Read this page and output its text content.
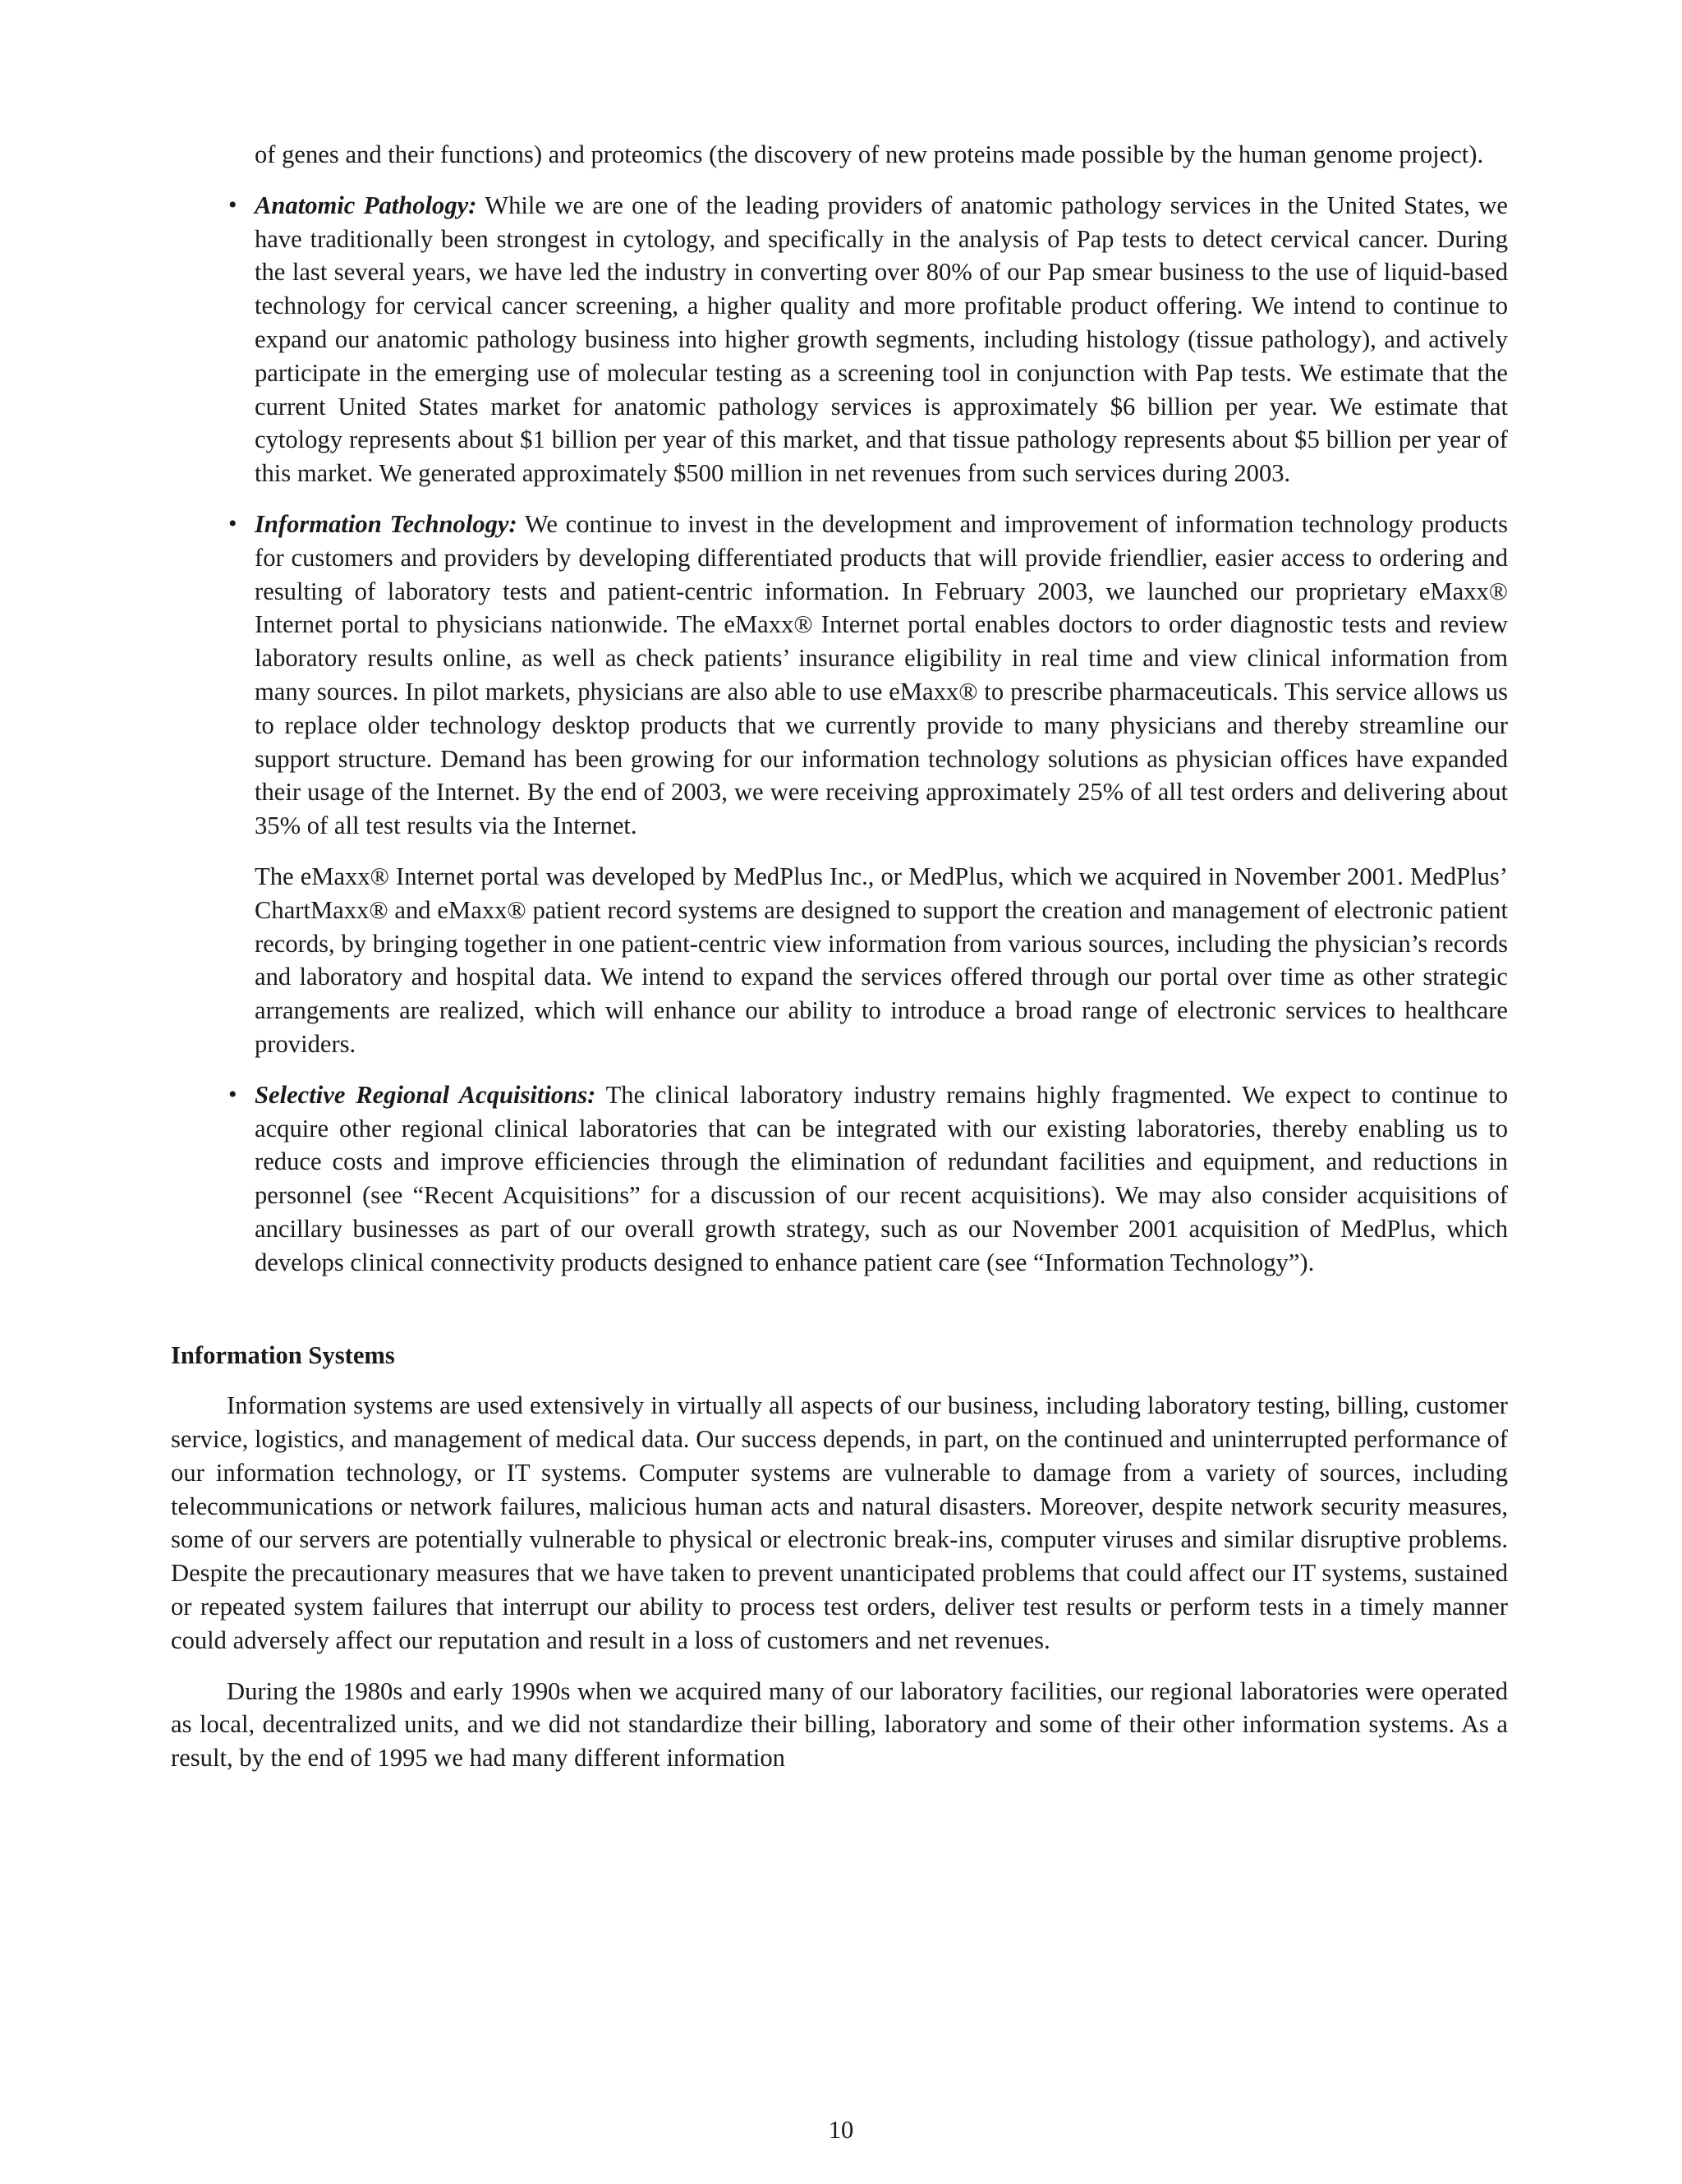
of genes and their functions) and proteomics (the discovery of new proteins made possible by the human genome project).

• Anatomic Pathology: While we are one of the leading providers of anatomic pathology services in the United States, we have traditionally been strongest in cytology, and specifically in the analysis of Pap tests to detect cervical cancer. During the last several years, we have led the industry in converting over 80% of our Pap smear business to the use of liquid-based technology for cervical cancer screening, a higher quality and more profitable product offering. We intend to continue to expand our anatomic pathology business into higher growth segments, including histology (tissue pathology), and actively participate in the emerging use of molecular testing as a screening tool in conjunction with Pap tests. We estimate that the current United States market for anatomic pathology services is approximately $6 billion per year. We estimate that cytology represents about $1 billion per year of this market, and that tissue pathology represents about $5 billion per year of this market. We generated approximately $500 million in net revenues from such services during 2003.
• Information Technology: We continue to invest in the development and improvement of information technology products for customers and providers by developing differentiated products that will provide friendlier, easier access to ordering and resulting of laboratory tests and patient-centric information. In February 2003, we launched our proprietary eMaxx® Internet portal to physicians nationwide. The eMaxx® Internet portal enables doctors to order diagnostic tests and review laboratory results online, as well as check patients’ insurance eligibility in real time and view clinical information from many sources. In pilot markets, physicians are also able to use eMaxx® to prescribe pharmaceuticals. This service allows us to replace older technology desktop products that we currently provide to many physicians and thereby streamline our support structure. Demand has been growing for our information technology solutions as physician offices have expanded their usage of the Internet. By the end of 2003, we were receiving approximately 25% of all test orders and delivering about 35% of all test results via the Internet.

The eMaxx® Internet portal was developed by MedPlus Inc., or MedPlus, which we acquired in November 2001. MedPlus’ ChartMaxx® and eMaxx® patient record systems are designed to support the creation and management of electronic patient records, by bringing together in one patient-centric view information from various sources, including the physician’s records and laboratory and hospital data. We intend to expand the services offered through our portal over time as other strategic arrangements are realized, which will enhance our ability to introduce a broad range of electronic services to healthcare providers.

• Selective Regional Acquisitions: The clinical laboratory industry remains highly fragmented. We expect to continue to acquire other regional clinical laboratories that can be integrated with our existing laboratories, thereby enabling us to reduce costs and improve efficiencies through the elimination of redundant facilities and equipment, and reductions in personnel (see “Recent Acquisitions” for a discussion of our recent acquisitions). We may also consider acquisitions of ancillary businesses as part of our overall growth strategy, such as our November 2001 acquisition of MedPlus, which develops clinical connectivity products designed to enhance patient care (see “Information Technology”).

Information Systems

Information systems are used extensively in virtually all aspects of our business, including laboratory testing, billing, customer service, logistics, and management of medical data. Our success depends, in part, on the continued and uninterrupted performance of our information technology, or IT systems. Computer systems are vulnerable to damage from a variety of sources, including telecommunications or network failures, malicious human acts and natural disasters. Moreover, despite network security measures, some of our servers are potentially vulnerable to physical or electronic break-ins, computer viruses and similar disruptive problems. Despite the precautionary measures that we have taken to prevent unanticipated problems that could affect our IT systems, sustained or repeated system failures that interrupt our ability to process test orders, deliver test results or perform tests in a timely manner could adversely affect our reputation and result in a loss of customers and net revenues.

During the 1980s and early 1990s when we acquired many of our laboratory facilities, our regional laboratories were operated as local, decentralized units, and we did not standardize their billing, laboratory and some of their other information systems. As a result, by the end of 1995 we had many different information

10
